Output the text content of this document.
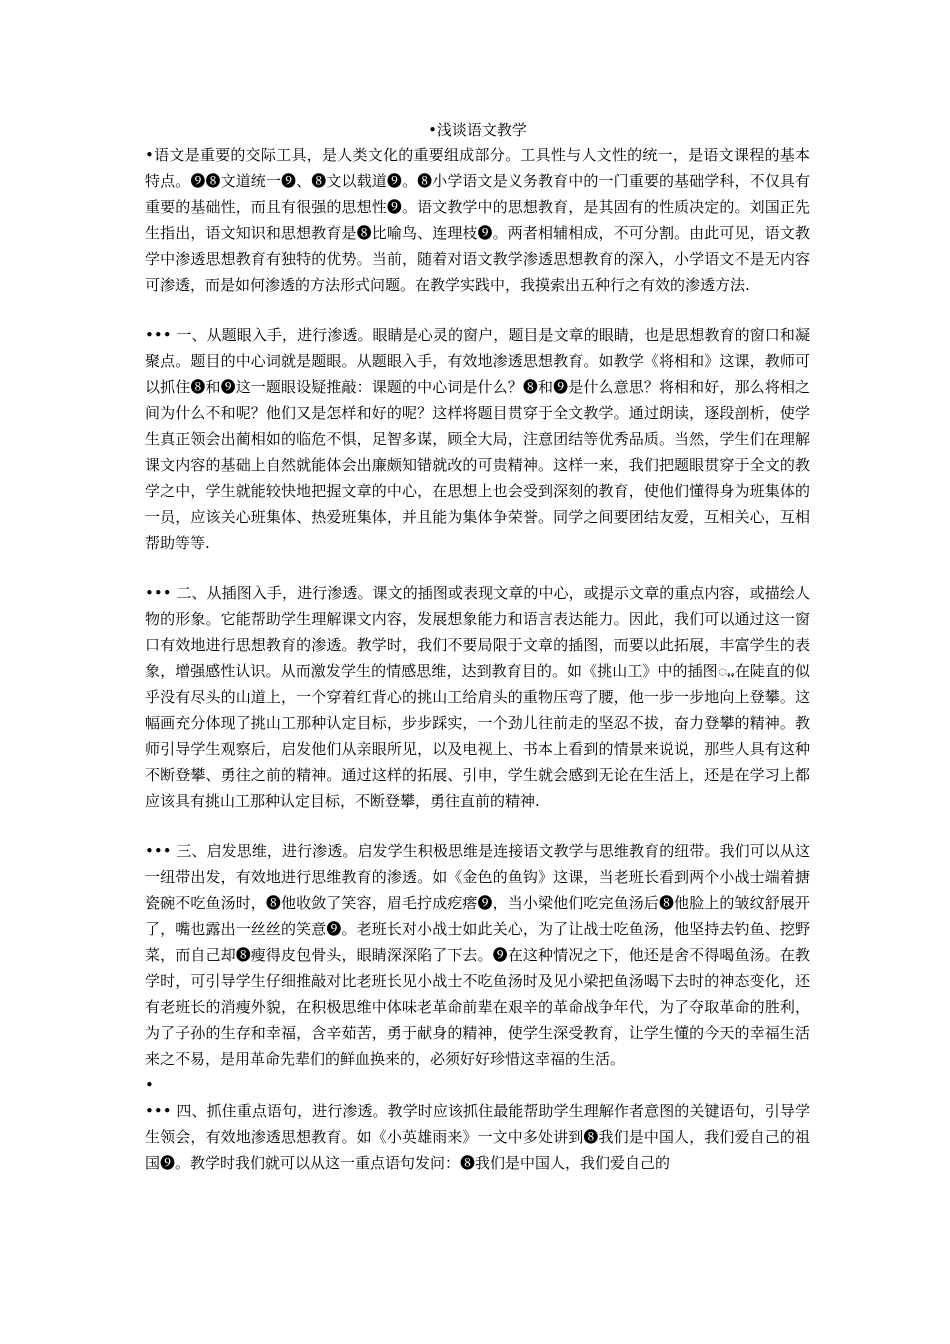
•浅谈语文教学

•语文是重要的交际工具，是人类文化的重要组成部分。工具性与人文性的统一，是语文课程的基本特点。❾❽文道统一❾、❽文以载道❾。❽小学语文是义务教育中的一门重要的基础学科，不仅具有重要的基础性，而且有很强的思想性❾。语文教学中的思想教育，是其固有的性质决定的。刘国正先生指出，语文知识和思想教育是❽比喻鸟、连理枝❾。两者相辅相成，不可分割。由此可见，语文教学中渗透思想教育有独特的优势。当前，随着对语文教学渗透思想教育的深入，小学语文不是无内容可渗透，而是如何渗透的方法形式问题。在教学实践中，我摸索出五种行之有效的渗透方法.

••• 一、从题眼入手，进行渗透。眼睛是心灵的窗户，题目是文章的眼睛，也是思想教育的窗口和凝聚点。题目的中心词就是题眼。从题眼入手，有效地渗透思想教育。如教学《将相和》这课，教师可以抓住❽和❾这一题眼设疑推敲：课题的中心词是什么？❽和❾是什么意思？将相和好，那么将相之间为什么不和呢？他们又是怎样和好的呢？这样将题目贯穿于全文教学。通过朗读，逐段剖析，使学生真正领会出蔺相如的临危不惧，足智多谋，顾全大局，注意团结等优秀品质。当然，学生们在理解课文内容的基础上自然就能体会出廉颇知错就改的可贵精神。这样一来，我们把题眼贯穿于全文的教学之中，学生就能较快地把握文章的中心，在思想上也会受到深刻的教育，使他们懂得身为班集体的一员，应该关心班集体、热爱班集体，并且能为集体争荣誉。同学之间要团结友爱，互相关心，互相帮助等等.

••• 二、从插图入手，进行渗透。课文的插图或表现文章的中心，或提示文章的重点内容，或描绘人物的形象。它能帮助学生理解课文内容，发展想象能力和语言表达能力。因此，我们可以通过这一窗口有效地进行思想教育的渗透。教学时，我们不要局限于文章的插图，而要以此拓展，丰富学生的表象，增强感性认识。从而激发学生的情感思维，达到教育目的。如《挑山工》中的插图ꩻꩻ在陡直的似乎没有尽头的山道上，一个穿着红背心的挑山工给肩头的重物压弯了腰，他一步一步地向上登攀。这幅画充分体现了挑山工那种认定目标，步步踩实，一个劲儿往前走的坚忍不拔，奋力登攀的精神。教师引导学生观察后，启发他们从亲眼所见，以及电视上、书本上看到的情景来说说，那些人具有这种不断登攀、勇往之前的精神。通过这样的拓展、引申，学生就会感到无论在生活上，还是在学习上都应该具有挑山工那种认定目标，不断登攀，勇往直前的精神.

••• 三、启发思维，进行渗透。启发学生积极思维是连接语文教学与思维教育的纽带。我们可以从这一纽带出发，有效地进行思维教育的渗透。如《金色的鱼钩》这课，当老班长看到两个小战士端着搪瓷碗不吃鱼汤时，❽他收敛了笑容，眉毛拧成疙瘩❾，当小梁他们吃完鱼汤后❽他脸上的皱纹舒展开了，嘴也露出一丝丝的笑意❾。老班长对小战士如此关心，为了让战士吃鱼汤，他坚持去钓鱼、挖野菜，而自己却❽瘦得皮包骨头，眼睛深深陷了下去。❾在这种情况之下，他还是舍不得喝鱼汤。在教学时，可引导学生仔细推敲对比老班长见小战士不吃鱼汤时及见小梁把鱼汤喝下去时的神态变化，还有老班长的消瘦外貌，在积极思维中体味老革命前辈在艰辛的革命战争年代，为了夺取革命的胜利，为了子孙的生存和幸福，含辛茹苦，勇于献身的精神，使学生深受教育，让学生懂的今天的幸福生活来之不易，是用革命先辈们的鲜血换来的，必须好好珍惜这幸福的生活。

•

••• 四、抓住重点语句，进行渗透。教学时应该抓住最能帮助学生理解作者意图的关键语句，引导学生领会，有效地渗透思想教育。如《小英雄雨来》一文中多处讲到❽我们是中国人，我们爱自己的祖国❾。教学时我们就可以从这一重点语句发问：❽我们是中国人，我们爱自己的
